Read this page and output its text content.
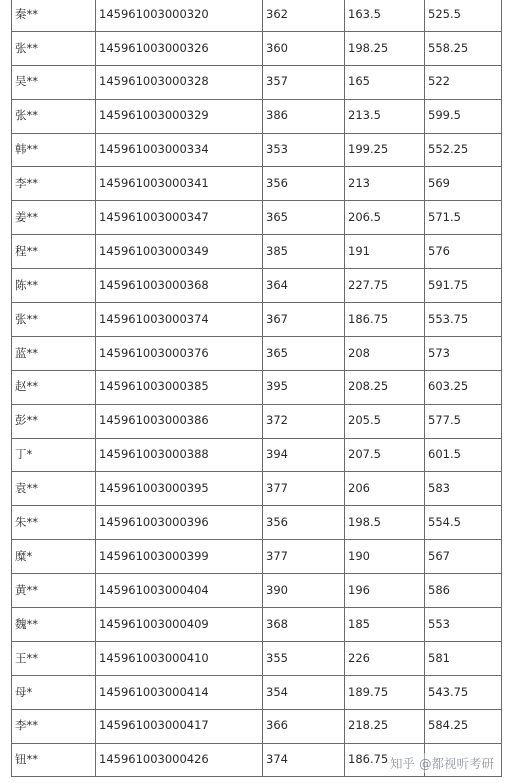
秦**	145961003000320	362	163.5	525.5
张**	145961003000326	360	198.25	558.25
吴**	145961003000328	357	165	522
张**	145961003000329	386	213.5	599.5
韩**	145961003000334	353	199.25	552.25
李**	145961003000341	356	213	569
姜**	145961003000347	365	206.5	571.5
程**	145961003000349	385	191	576
陈**	145961003000368	364	227.75	591.75
张**	145961003000374	367	186.75	553.75
蓝**	145961003000376	365	208	573
赵**	145961003000385	395	208.25	603.25
彭**	145961003000386	372	205.5	577.5
丁*	145961003000388	394	207.5	601.5
袁**	145961003000395	377	206	583
朱**	145961003000396	356	198.5	554.5
糜*	145961003000399	377	190	567
黄**	145961003000404	390	196	586
魏**	145961003000409	368	185	553
王**	145961003000410	355	226	581
母*	145961003000414	354	189.75	543.75
李**	145961003000417	366	218.25	584.25
钮**	145961003000426	374	186.75	知乎 @都视听考研
